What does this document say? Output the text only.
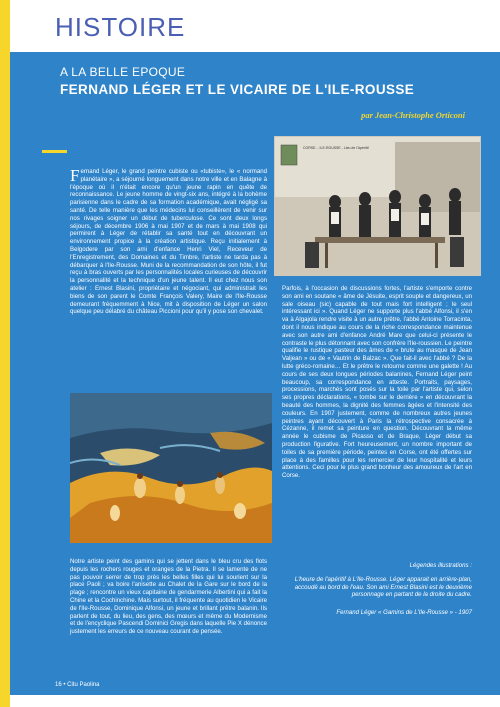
HISTOIRE
A LA BELLE EPOQUE
FERNAND LÉGER ET LE VICAIRE DE L'ILE-ROUSSE
par Jean-Christophe Orticoni
F ernand Léger, le grand peintre cubiste ou «tubiste», le « normand planétaire », a séjourné longuement dans notre ville et en Balagne à l'époque où il n'était encore qu'un jeune rapin en quête de reconnaissance. Le jeune homme de vingt-six ans, intégré à la bohème parisienne dans le cadre de sa formation académique, avait négligé sa santé. De telle manière que les médecins lui conseillèrent de venir sur nos rivages soigner un début de tuberculose. Ce sont deux longs séjours, de décembre 1906 à mai 1907 et de mars à mai 1908 qui permirent à Léger de rétablir sa santé tout en découvrant un environnement propice à la création artistique. Reçu initialement à Belgodere par son ami d'enfance Henri Viel, Receveur de l'Enregistrement, des Domaines et du Timbre, l'artiste ne tarda pas à débarquer à l'Ile-Rousse. Muni de la recommandation de son hôte, il fut reçu à bras ouverts par les personnalités locales curieuses de découvrir la personnalité et la technique d'un jeune talent. Il eut chez nous son atelier : Ernest Blasini, propriétaire et négociant, qui administrait les biens de son parent le Comte François Valery, Maire de l'Ile-Rousse demeurant fréquemment à Nice, mit à disposition de Léger un salon quelque peu délabré du château Piccioni pour qu'il y pose son chevalet.
Notre artiste peint des gamins qui se jettent dans le bleu cru des flots depuis les rochers rouges et oranges de la Pietra. Il se lamente de ne pas pouvoir serrer de trop près les belles filles qui lui sourient sur la place Paoli ; va boire l'anisette au Chalet de la Gare sur le bord de la plage ; rencontre un vieux capitaine de gendarmerie Albertini qui a fait la Chine et la Cochinchine. Mais surtout, il fréquente au quotidien le Vicaire de l'Ile-Rousse, Dominique Alfonsi, un jeune et brillant prêtre balanin. Ils parlent de tout, du lieu, des gens, des mœurs et même du Modernisme et de l'encyclique Pascendi Dominici Gregis dans laquelle Pie X dénonce justement les erreurs de ce nouveau courant de pensée.
CORSE. - ILE-ROUSSE - Lieu de l'Apéritif
Parfois, à l'occasion de discussions fortes, l'artiste s'emporte contre son ami en soutane « âme de Jésuite, esprit souple et dangereux, un sale oiseau (sic) capable de tout mais fort intelligent ; le seul intéressant ici ». Quand Léger ne supporte plus l'abbé Alfonsi, il s'en va à Algajola rendre visite à un autre prêtre, l'abbé Antoine Torracinta, dont il nous indique au cours de la riche correspondance maintenue avec son autre ami d'enfance André Mare que celui-ci présente le contraste le plus détonnant avec son confrère l'Ile-roussien. Le peintre qualifie le rustique pasteur des âmes de « brute au masque de Jean Valjean » ou de « Vautrin de Balzac ». Que fait-il avec l'abbé ? De la lutte gréco-romaine… Et le prêtre le retourne comme une galette ! Au cours de ses deux longues périodes balanines, Fernand Léger peint beaucoup, sa correspondance en atteste. Portraits, paysages, processions, marchés sont posés sur la toile par l'artiste qui, selon ses propres déclarations, « tombe sur le derrière » en découvrant la beauté des hommes, la dignité des femmes âgées et l'intensité des couleurs. En 1907 justement, comme de nombreux autres jeunes peintres ayant découvert à Paris la rétrospective consacrée à Cézanne, il remet sa peinture en question. Découvrant la même année le cubisme de Picasso et de Braque, Léger début sa production figurative. Fort heureusement, un nombre important de toiles de sa première période, peintes en Corse, ont été offertes sur place à des familles pour les remercier de leur hospitalité et leurs attentions. Ceci pour le plus grand bonheur des amoureux de l'art en Corse.
Légendes illustrations :
L'heure de l'apéritif à L'Ile-Rousse. Léger apparait en arrière-plan, accoudé au bord de l'eau. Son ami Ernest Blasini est le deuxième personnage en partant de la droite du cadre.
Fernand Léger « Gamins de L'Ile-Rousse » - 1907
16 • Citu Paolina
